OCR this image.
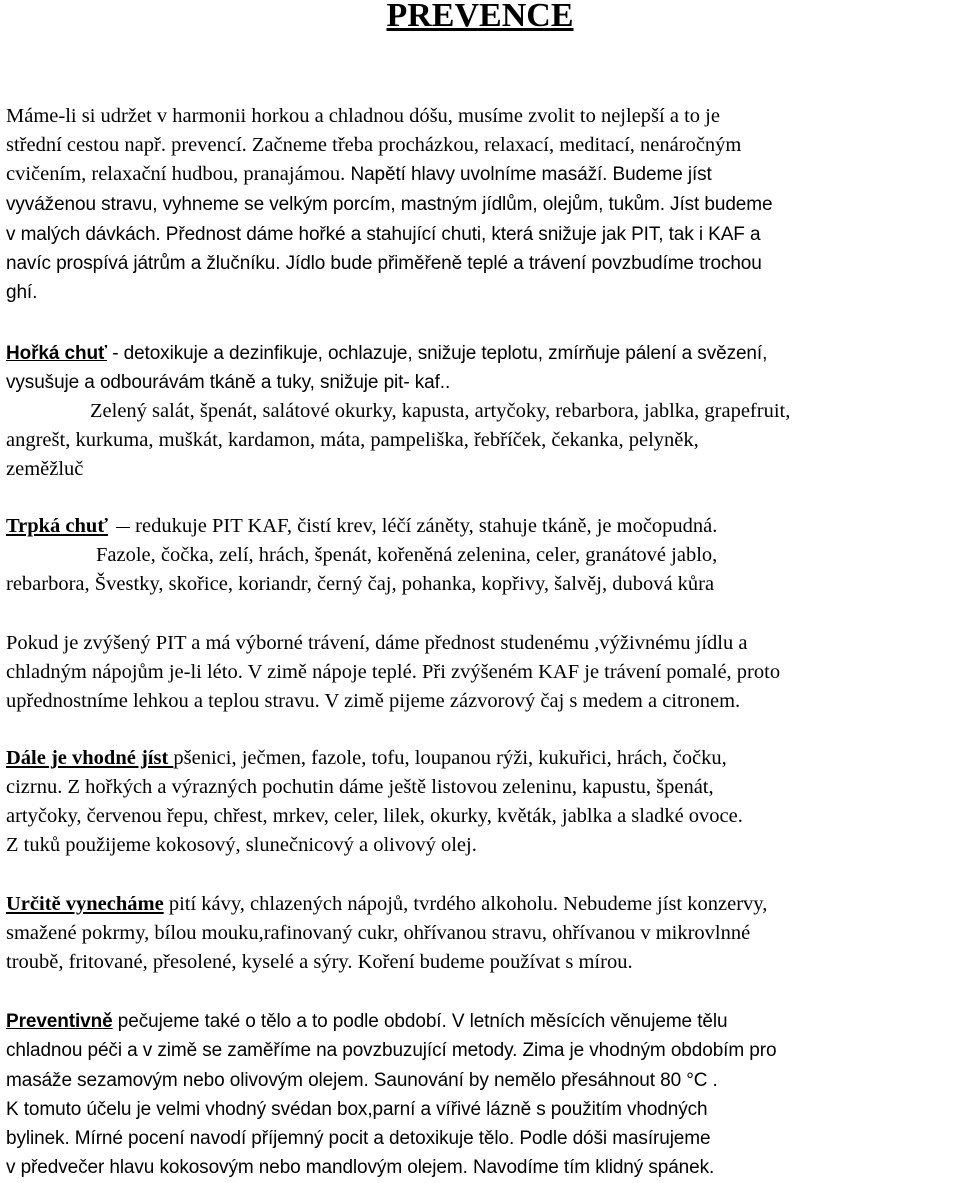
PREVENCE
Máme-li si udržet v harmonii horkou a chladnou dóšu, musíme zvolit to nejlepší a to je
střední cestou např. prevencí. Začneme třeba procházkou, relaxací, meditací, nenáročným
cvičením, relaxační hudbou, pranajámou. Napětí hlavy uvolníme masáží. Budeme jíst
vyváženou stravu, vyhneme se velkým porcím, mastným jídlům, olejům, tukům. Jíst budeme
v malých dávkách. Přednost dáme hořké a stahující chuti, která snižuje jak PIT, tak i KAF a
navíc prospívá játrům a žlučníku. Jídlo bude přiměřeně teplé a trávení povzbudíme trochou
ghí.
Hořká chuť - detoxikuje a dezinfikuje, ochlazuje, snižuje teplotu, zmírňuje pálení a svězení,
vysušuje a odbourávám tkáně a tuky, snižuje pit- kaf..
Zelený salát, špenát, salátové okurky, kapusta, artyčoky, rebarbora, jablka, grapefruit,
angrešt, kurkuma, muškát, kardamon, máta, pampeliška, řebříček, čekanka, pelyněk,
zeměžluč
Trpká chuť redukuje PIT KAF, čistí krev, léčí záněty, stahuje tkáně, je močopudná.
Fazole, čočka, zelí, hrách, špenát, kořeněná zelenina, celer, granátové jablo,
rebarbora, Švestky, skořice, koriandr, černý čaj, pohanka, kopřivy, šalvěj, dubová kůra
Pokud je zvýšený PIT a má výborné trávení, dáme přednost studenému ,výživnému jídlu a
chladným nápojům je-li léto. V zimě nápoje teplé. Při zvýšeném KAF je trávení pomalé, proto
upřednostníme lehkou a teplou stravu. V zimě pijeme zázvorový čaj s medem a citronem.
Dále je vhodné jíst pšenici, ječmen, fazole, tofu, loupanou rýži, kukuřici, hrách, čočku,
cizrnu. Z hořkých a výrazných pochutin dáme ještě listovou zeleninu, kapustu, špenát,
artyčoky, červenou řepu, chřest, mrkev, celer, lilek, okurky, květák, jablka a sladké ovoce.
Z tuků použijeme kokosový, slunečnicový a olivový olej.
Určitě vynecháme pití kávy, chlazených nápojů, tvrdého alkoholu. Nebudeme jíst konzervy,
smažené pokrmy, bílou mouku,rafinovaný cukr, ohřívanou stravu, ohřívanou v mikrovlnné
troubě, fritované, přesolené, kyselé a sýry. Koření budeme používat s mírou.
Preventivně pečujeme také o tělo a to podle období. V letních měsících věnujeme tělu
chladnou péči a v zimě se zaměříme na povzbuzující metody. Zima je vhodným obdobím pro
masáže sezamovým nebo olivovým olejem. Saunování by nemělo přesáhnout 80 °C .
K tomuto účelu je velmi vhodný svédan box,parní a vířivé lázně s použitím vhodných
bylinek. Mírné pocení navodí příjemný pocit a detoxikuje tělo. Podle dóši masírujeme
v předvečer hlavu kokosovým nebo mandlovým olejem. Navodíme tím klidný spánek.
